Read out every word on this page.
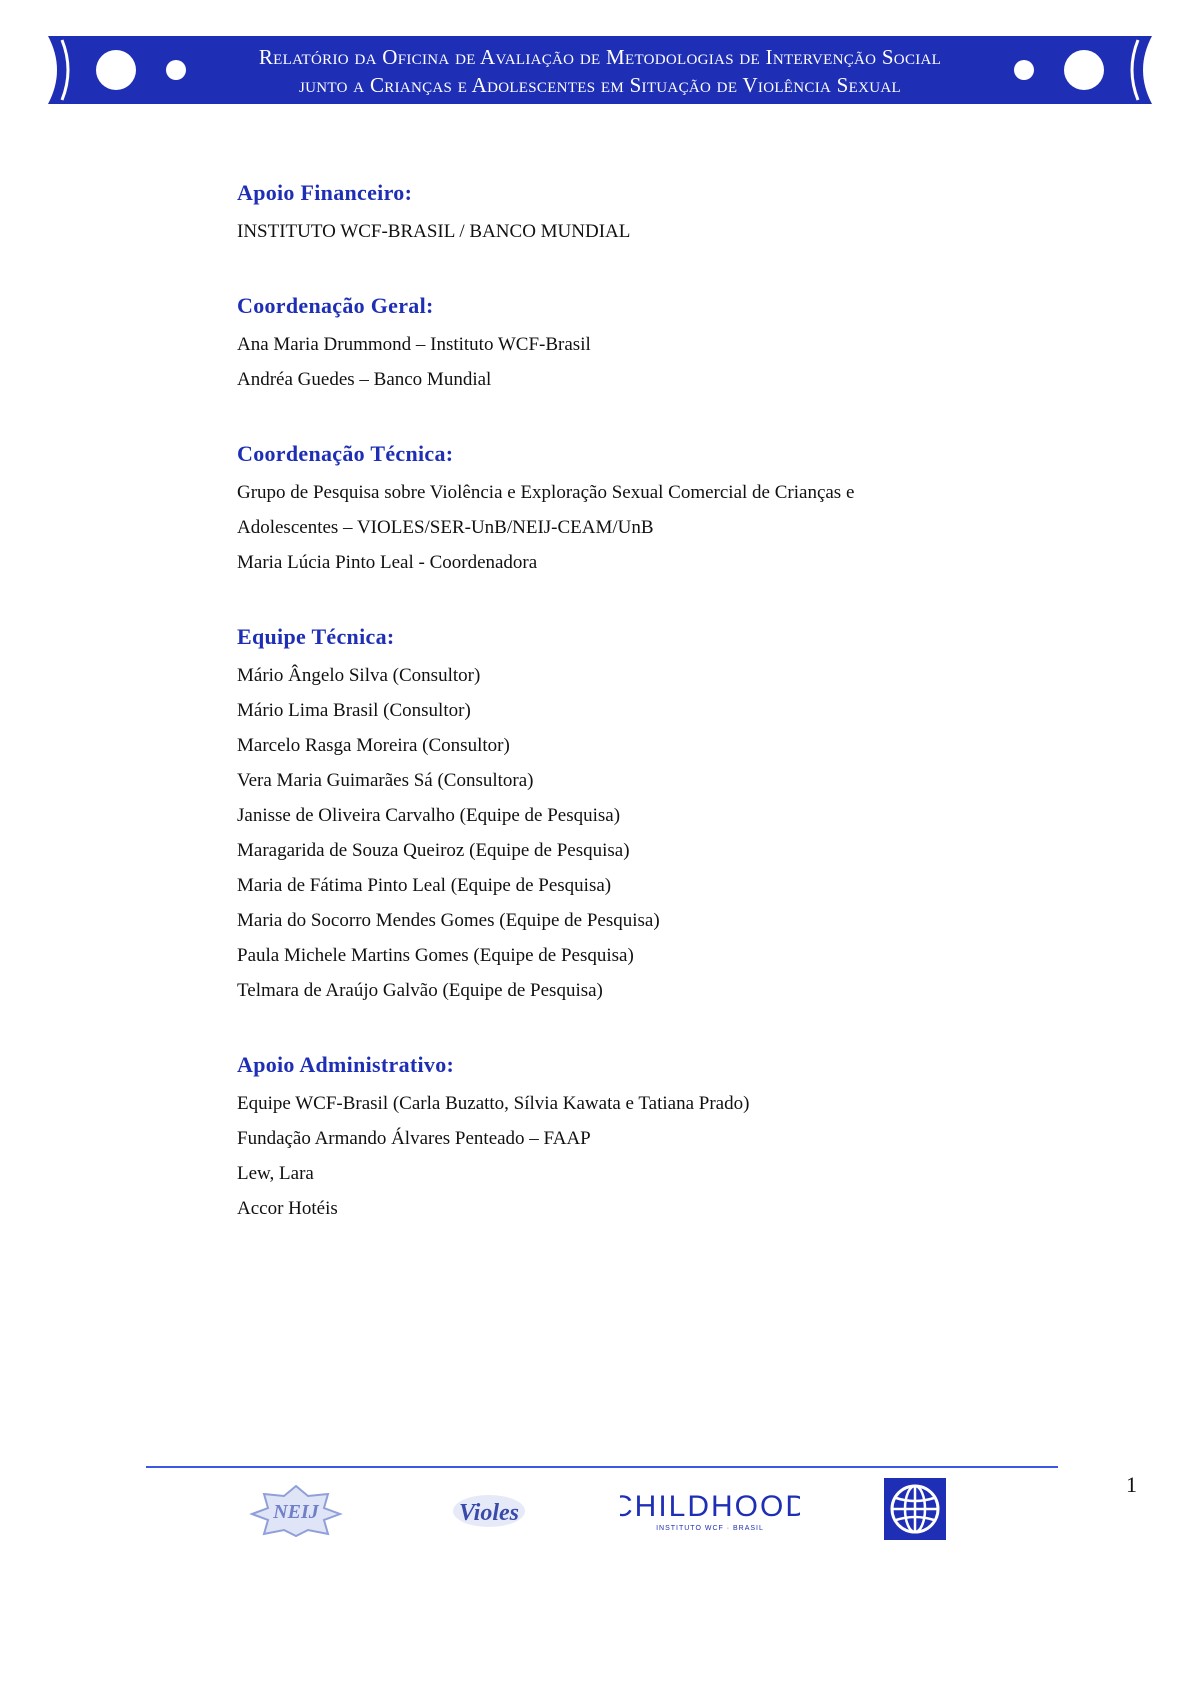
Relatório da Oficina de Avaliação de Metodologias de Intervenção Social
junto a Crianças e Adolescentes em Situação de Violência Sexual
Apoio Financeiro:

INSTITUTO WCF-BRASIL / BANCO MUNDIAL

Coordenação Geral:

Ana Maria Drummond – Instituto WCF-Brasil

Andréa Guedes – Banco Mundial

Coordenação Técnica:

Grupo de Pesquisa sobre Violência e Exploração Sexual Comercial de Crianças e

Adolescentes – VIOLES/SER-UnB/NEIJ-CEAM/UnB

Maria Lúcia Pinto Leal - Coordenadora

Equipe Técnica:

Mário Ângelo Silva (Consultor)

Mário Lima Brasil (Consultor)

Marcelo Rasga Moreira (Consultor)

Vera Maria Guimarães Sá (Consultora)

Janisse de Oliveira Carvalho (Equipe de Pesquisa)

Maragarida de Souza Queiroz (Equipe de Pesquisa)

Maria de Fátima Pinto Leal (Equipe de Pesquisa)

Maria do Socorro Mendes Gomes (Equipe de Pesquisa)

Paula Michele Martins Gomes (Equipe de Pesquisa)

Telmara de Araújo Galvão (Equipe de Pesquisa)

Apoio Administrativo:

Equipe WCF-Brasil (Carla Buzatto, Sílvia Kawata e Tatiana Prado)

Fundação Armando Álvares Penteado – FAAP

Lew, Lara

Accor Hotéis

1
NEIJ	Violes	CHILDHOOD
INSTITUTO WCF · BRASIL
